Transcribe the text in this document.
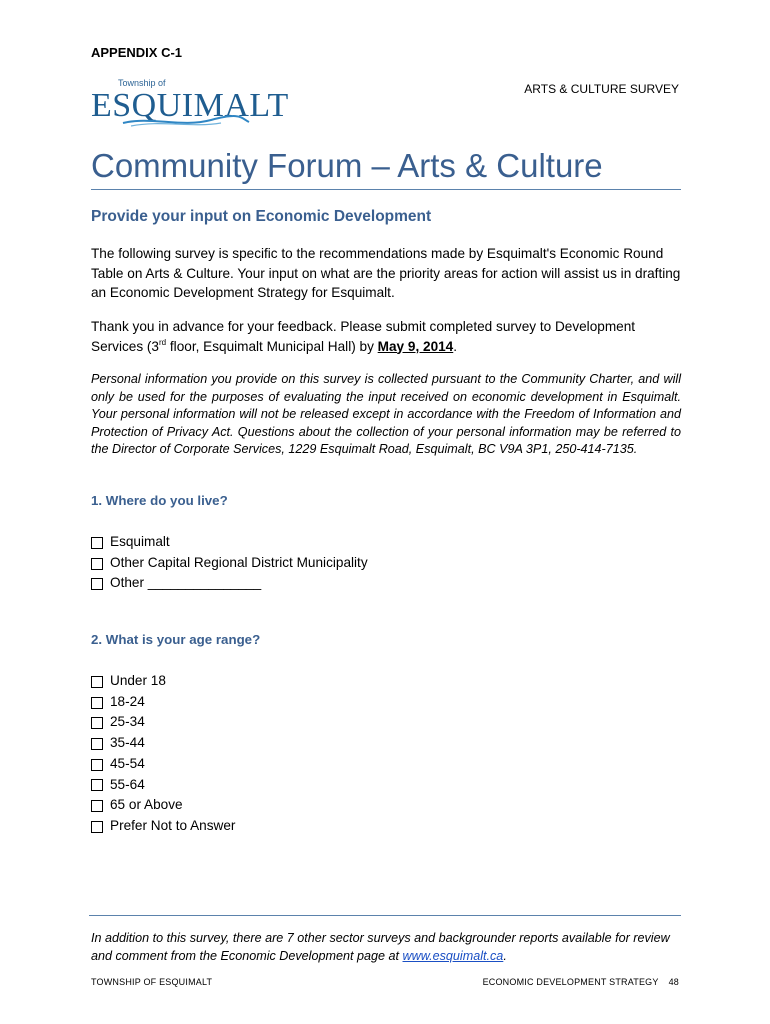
APPENDIX C-1
Township of
ESQUIMALT	ARTS & CULTURE SURVEY
Community Forum – Arts & Culture
Provide your input on Economic Development
The following survey is specific to the recommendations made by Esquimalt's Economic Round Table on Arts & Culture. Your input on what are the priority areas for action will assist us in drafting an Economic Development Strategy for Esquimalt.
Thank you in advance for your feedback. Please submit completed survey to Development Services (3rd floor, Esquimalt Municipal Hall) by May 9, 2014.
Personal information you provide on this survey is collected pursuant to the Community Charter, and will only be used for the purposes of evaluating the input received on economic development in Esquimalt. Your personal information will not be released except in accordance with the Freedom of Information and Protection of Privacy Act. Questions about the collection of your personal information may be referred to the Director of Corporate Services, 1229 Esquimalt Road, Esquimalt, BC V9A 3P1, 250-414-7135.
1. Where do you live?
Esquimalt
Other Capital Regional District Municipality
Other _______________
2. What is your age range?
Under 18
18-24
25-34
35-44
45-54
55-64
65 or Above
Prefer Not to Answer
In addition to this survey, there are 7 other sector surveys and backgrounder reports available for review and comment from the Economic Development page at www.esquimalt.ca.
TOWNSHIP OF ESQUIMALT	ECONOMIC DEVELOPMENT STRATEGY 48
